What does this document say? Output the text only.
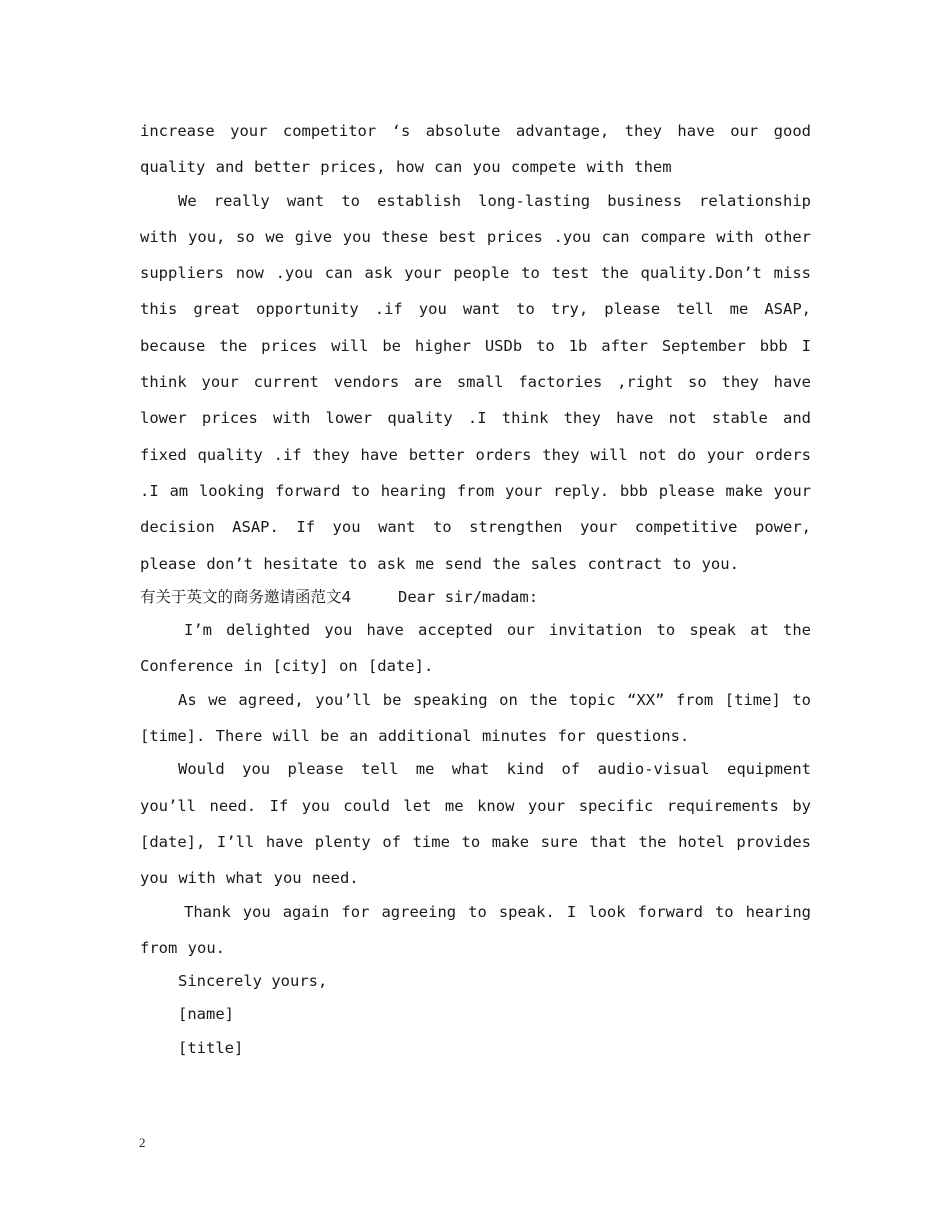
increase your competitor ‘s absolute advantage, they have our good quality and better prices, how can you compete with them

We really want to establish long-lasting business relationship with you, so we give you these best prices .you can compare with other suppliers now .you can ask your people to test the quality.Don’t miss this great opportunity .if you want to try, please tell me ASAP, because the prices will be higher USDb to 1b after September bbb I think your current vendors are small factories ,right so they have lower prices with lower quality .I think they have not stable and fixed quality .if they have better orders they will not do your orders .I am looking forward to hearing from your reply. bbb please make your decision ASAP. If you want to strengthen your competitive power, please don’t hesitate to ask me send the sales contract to you.

有关于英文的商务邀请函范文4	Dear sir/madam:

I’m delighted you have accepted our invitation to speak at the Conference in [city] on [date].

As we agreed, you’ll be speaking on the topic “XX” from [time] to [time]. There will be an additional minutes for questions.

Would you please tell me what kind of audio-visual equipment you’ll need. If you could let me know your specific requirements by [date], I’ll have plenty of time to make sure that the hotel provides you with what you need.

Thank you again for agreeing to speak. I look forward to hearing from you.

Sincerely yours,

[name]

[title]

2
